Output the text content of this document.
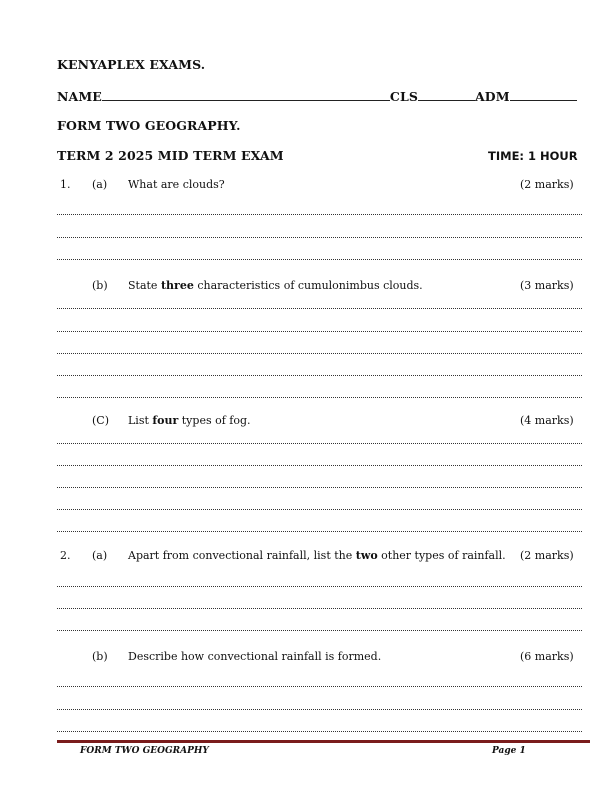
KENYAPLEX EXAMS.
NAME	CLS	ADM
FORM TWO GEOGRAPHY.
TERM 2 2025 MID TERM EXAM	TIME: 1 HOUR
1. (a) What are clouds?	(2 marks)
(b) State three characteristics of cumulonimbus clouds.	(3 marks)
(C) List four types of fog.	(4 marks)
2. (a) Apart from convectional rainfall, list the two other types of rainfall. (2 marks)
(b) Describe how convectional rainfall is formed.	(6 marks)
FORM TWO GEOGRAPHY	Page 1
